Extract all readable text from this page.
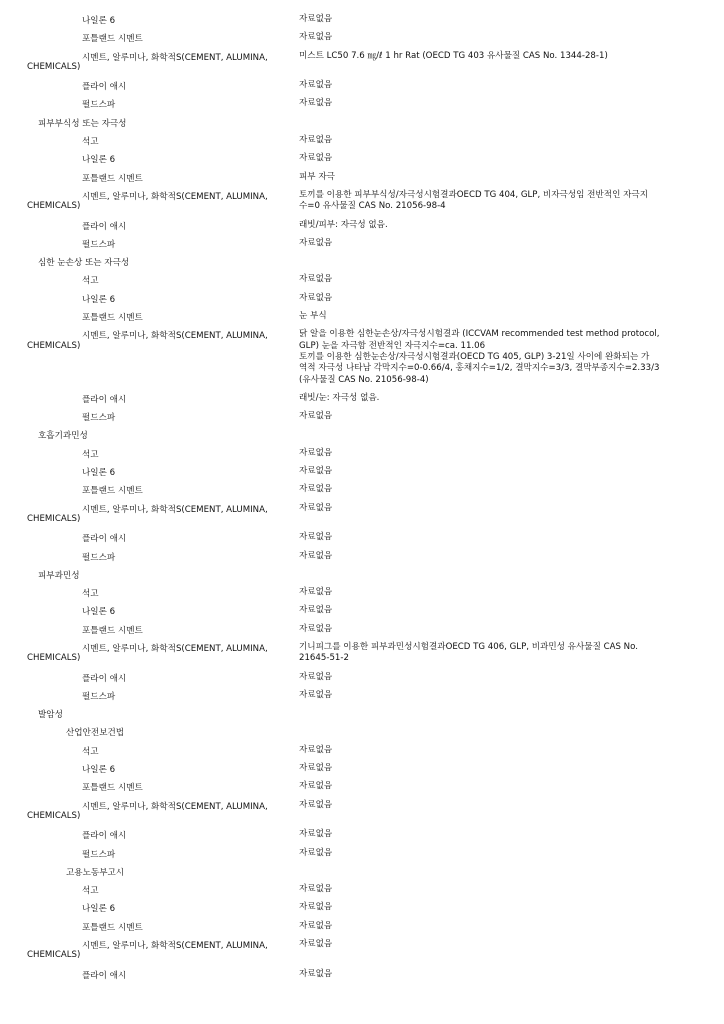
나일론 6	자료없음
포틀랜드 시멘트	자료없음
시멘트, 알루미나, 화학적S(CEMENT, ALUMINA,
CHEMICALS)
미스트 LC50 7.6 ㎎/ℓ 1 hr Rat (OECD TG 403 유사물질 CAS No. 1344-28-1)
플라이 애시	자료없음
펄드스파	자료없음
피부부식성 또는 자극성
석고	자료없음
나일론 6	자료없음
포틀랜드 시멘트	피부 자극
시멘트, 알루미나, 화학적S(CEMENT, ALUMINA,
CHEMICALS)
토끼를 이용한 피부부식성/자극성시험결과OECD TG 404, GLP, 비자극성임 전반적인 자극지
수=0 유사물질 CAS No. 21056-98-4
플라이 애시	래빗/피부: 자극성 없음.
펄드스파	자료없음
심한 눈손상 또는 자극성
석고	자료없음
나일론 6	자료없음
포틀랜드 시멘트	눈 부식
시멘트, 알루미나, 화학적S(CEMENT, ALUMINA,
CHEMICALS)
닭 알을 이용한 심한눈손상/자극성시험결과 (ICCVAM recommended test method protocol,
GLP) 눈을 자극함 전반적인 자극지수=ca. 11.06
토끼를 이용한 심한눈손상/자극성시험결과(OECD TG 405, GLP) 3-21일 사이에 완화되는 가
역적 자극성 나타남 각막지수=0-0.66/4, 홍채지수=1/2, 결막지수=3/3, 결막부종지수=2.33/3
(유사물질 CAS No. 21056-98-4)
플라이 애시	래빗/눈: 자극성 없음.
펄드스파	자료없음
호흡기과민성
석고	자료없음
나일론 6	자료없음
포틀랜드 시멘트	자료없음
시멘트, 알루미나, 화학적S(CEMENT, ALUMINA,
CHEMICALS)
자료없음
플라이 애시	자료없음
펄드스파	자료없음
피부과민성
석고	자료없음
나일론 6	자료없음
포틀랜드 시멘트	자료없음
시멘트, 알루미나, 화학적S(CEMENT, ALUMINA,
CHEMICALS)
기니피그를 이용한 피부과민성시험결과OECD TG 406, GLP, 비과민성 유사물질 CAS No.
21645-51-2
플라이 애시	자료없음
펄드스파	자료없음
발암성
산업안전보건법
석고	자료없음
나일론 6	자료없음
포틀랜드 시멘트	자료없음
시멘트, 알루미나, 화학적S(CEMENT, ALUMINA,
CHEMICALS)
자료없음
플라이 애시	자료없음
펄드스파	자료없음
고용노동부고시
석고	자료없음
나일론 6	자료없음
포틀랜드 시멘트	자료없음
시멘트, 알루미나, 화학적S(CEMENT, ALUMINA,
CHEMICALS)
자료없음
플라이 애시	자료없음
